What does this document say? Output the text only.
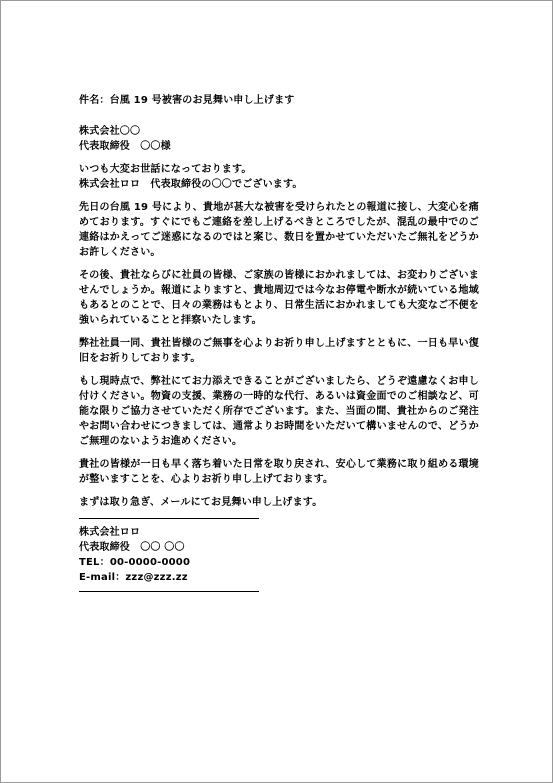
件名：台風 19 号被害のお見舞い申し上げます

株式会社〇〇

代表取締役　〇〇様

いつも大変お世話になっております。

株式会社ロロ　代表取締役の〇〇でございます。

先日の台風 19 号により、貴地が甚大な被害を受けられたとの報道に接し、大変心を痛めております。すぐにでもご連絡を差し上げるべきところでしたが、混乱の最中でのご連絡はかえってご迷惑になるのではと案じ、数日を置かせていただいたご無礼をどうかお許しください。

その後、貴社ならびに社員の皆様、ご家族の皆様におかれましては、お変わりございませんでしょうか。報道によりますと、貴地周辺では今なお停電や断水が続いている地域もあるとのことで、日々の業務はもとより、日常生活におかれましても大変なご不便を強いられていることと拝察いたします。

弊社社員一同、貴社皆様のご無事を心よりお祈り申し上げますとともに、一日も早い復旧をお祈りしております。

もし現時点で、弊社にてお力添えできることがございましたら、どうぞ遠慮なくお申し付けください。物資の支援、業務の一時的な代行、あるいは資金面でのご相談など、可能な限りご協力させていただく所存でございます。また、当面の間、貴社からのご発注やお問い合わせにつきましては、通常よりお時間をいただいて構いませんので、どうかご無理のないようお進めください。

貴社の皆様が一日も早く落ち着いた日常を取り戻され、安心して業務に取り組める環境が整いますことを、心よりお祈り申し上げております。

まずは取り急ぎ、メールにてお見舞い申し上げます。

株式会社ロロ

代表取締役　〇〇 〇〇

TEL：00-0000-0000

E-mail：zzz@zzz.zz
